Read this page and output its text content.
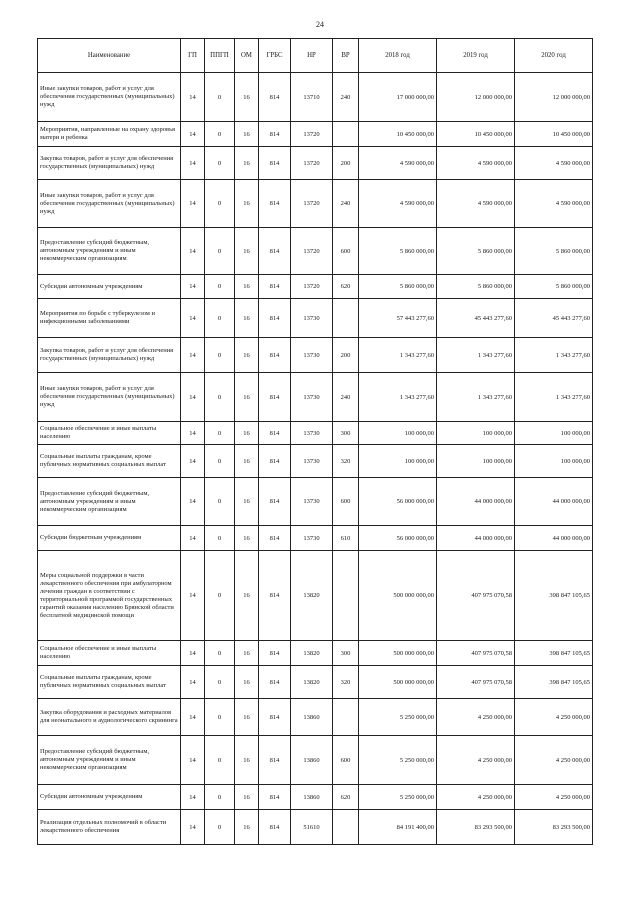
24
Наименование	ГП	ППГП	ОМ	ГРБС	НР	ВР	2018 год	2019 год	2020 год
Иные закупки товаров, работ и услуг для обеспечения государственных (муниципальных) нужд	14	0	16	814	13710	240	17 000 000,00	12 000 000,00	12 000 000,00
Мероприятия, направленные на охрану здоровья матери и ребенка	14	0	16	814	13720		10 450 000,00	10 450 000,00	10 450 000,00
Закупка товаров, работ и услуг для обеспечения государственных (муниципальных) нужд	14	0	16	814	13720	200	4 590 000,00	4 590 000,00	4 590 000,00
Иные закупки товаров, работ и услуг для обеспечения государственных (муниципальных) нужд	14	0	16	814	13720	240	4 590 000,00	4 590 000,00	4 590 000,00
Предоставление субсидий бюджетным, автономным учреждениям и иным некоммерческим организациям	14	0	16	814	13720	600	5 860 000,00	5 860 000,00	5 860 000,00
Субсидии автономным учреждениям	14	0	16	814	13720	620	5 860 000,00	5 860 000,00	5 860 000,00
Мероприятия по борьбе с туберкулезом и инфекционными заболеваниями	14	0	16	814	13730		57 443 277,60	45 443 277,60	45 443 277,60
Закупка товаров, работ и услуг для обеспечения государственных (муниципальных) нужд	14	0	16	814	13730	200	1 343 277,60	1 343 277,60	1 343 277,60
Иные закупки товаров, работ и услуг для обеспечения государственных (муниципальных) нужд	14	0	16	814	13730	240	1 343 277,60	1 343 277,60	1 343 277,60
Социальное обеспечение и иные выплаты населению	14	0	16	814	13730	300	100 000,00	100 000,00	100 000,00
Социальные выплаты гражданам, кроме публичных нормативных социальных выплат	14	0	16	814	13730	320	100 000,00	100 000,00	100 000,00
Предоставление субсидий бюджетным, автономным учреждениям и иным некоммерческим организациям	14	0	16	814	13730	600	56 000 000,00	44 000 000,00	44 000 000,00
Субсидии бюджетным учреждениям	14	0	16	814	13730	610	56 000 000,00	44 000 000,00	44 000 000,00
Меры социальной поддержки в части лекарственного обеспечения при амбулаторном лечении граждан в соответствии с территориальной программой государственных гарантий оказания населению Брянской области бесплатной медицинской помощи	14	0	16	814	13820		500 000 000,00	407 975 070,58	398 847 105,65
Социальное обеспечение и иные выплаты населению	14	0	16	814	13820	300	500 000 000,00	407 975 070,58	398 847 105,65
Социальные выплаты гражданам, кроме публичных нормативных социальных выплат	14	0	16	814	13820	320	500 000 000,00	407 975 070,58	398 847 105,65
Закупка оборудования и расходных материалов для неонатального и аудиологического скрининга	14	0	16	814	13860		5 250 000,00	4 250 000,00	4 250 000,00
Предоставление субсидий бюджетным, автономным учреждениям и иным некоммерческим организациям	14	0	16	814	13860	600	5 250 000,00	4 250 000,00	4 250 000,00
Субсидии автономным учреждениям	14	0	16	814	13860	620	5 250 000,00	4 250 000,00	4 250 000,00
Реализация отдельных полномочий в области лекарственного обеспечения	14	0	16	814	51610		84 191 400,00	83 293 500,00	83 293 500,00
